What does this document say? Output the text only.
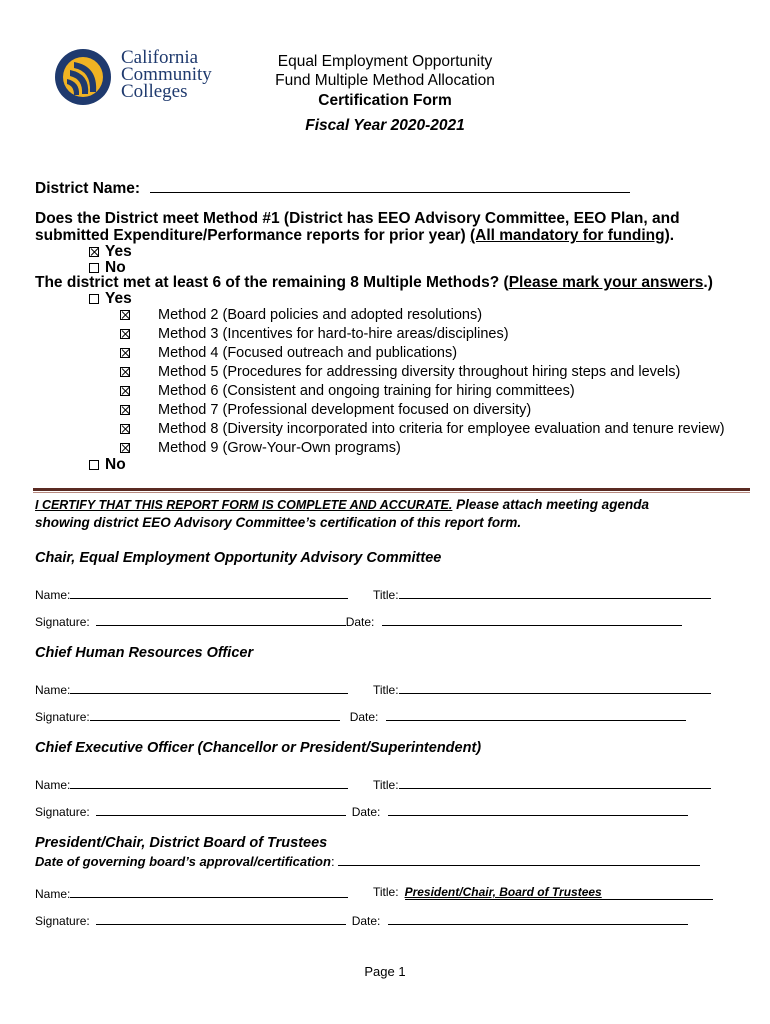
California
Community
Colleges
Equal Employment Opportunity
Fund Multiple Method Allocation
Certification Form
Fiscal Year 2020-2021
District Name:
Does the District meet Method #1 (District has EEO Advisory Committee, EEO Plan, and
submitted Expenditure/Performance reports for prior year) (All mandatory for funding).
Yes
No
The district met at least 6 of the remaining 8 Multiple Methods? (Please mark your answers.)
Yes
Method 2 (Board policies and adopted resolutions)
Method 3 (Incentives for hard-to-hire areas/disciplines)
Method 4 (Focused outreach and publications)
Method 5 (Procedures for addressing diversity throughout hiring steps and levels)
Method 6 (Consistent and ongoing training for hiring committees)
Method 7 (Professional development focused on diversity)
Method 8 (Diversity incorporated into criteria for employee evaluation and tenure review)
Method 9 (Grow-Your-Own programs)
No
I CERTIFY THAT THIS REPORT FORM IS COMPLETE AND ACCURATE. Please attach meeting agenda
showing district EEO Advisory Committee’s certification of this report form.
Chair, Equal Employment Opportunity Advisory Committee
Name:	Title:
Signature:	Date:
Chief Human Resources Officer
Name:	Title:
Signature:	Date:
Chief Executive Officer (Chancellor or President/Superintendent)
Name:	Title:
Signature:	Date:
President/Chair, District Board of Trustees
Date of governing board’s approval/certification:
Name:	Title: President/Chair, Board of Trustees
Signature:	Date:
Page 1
